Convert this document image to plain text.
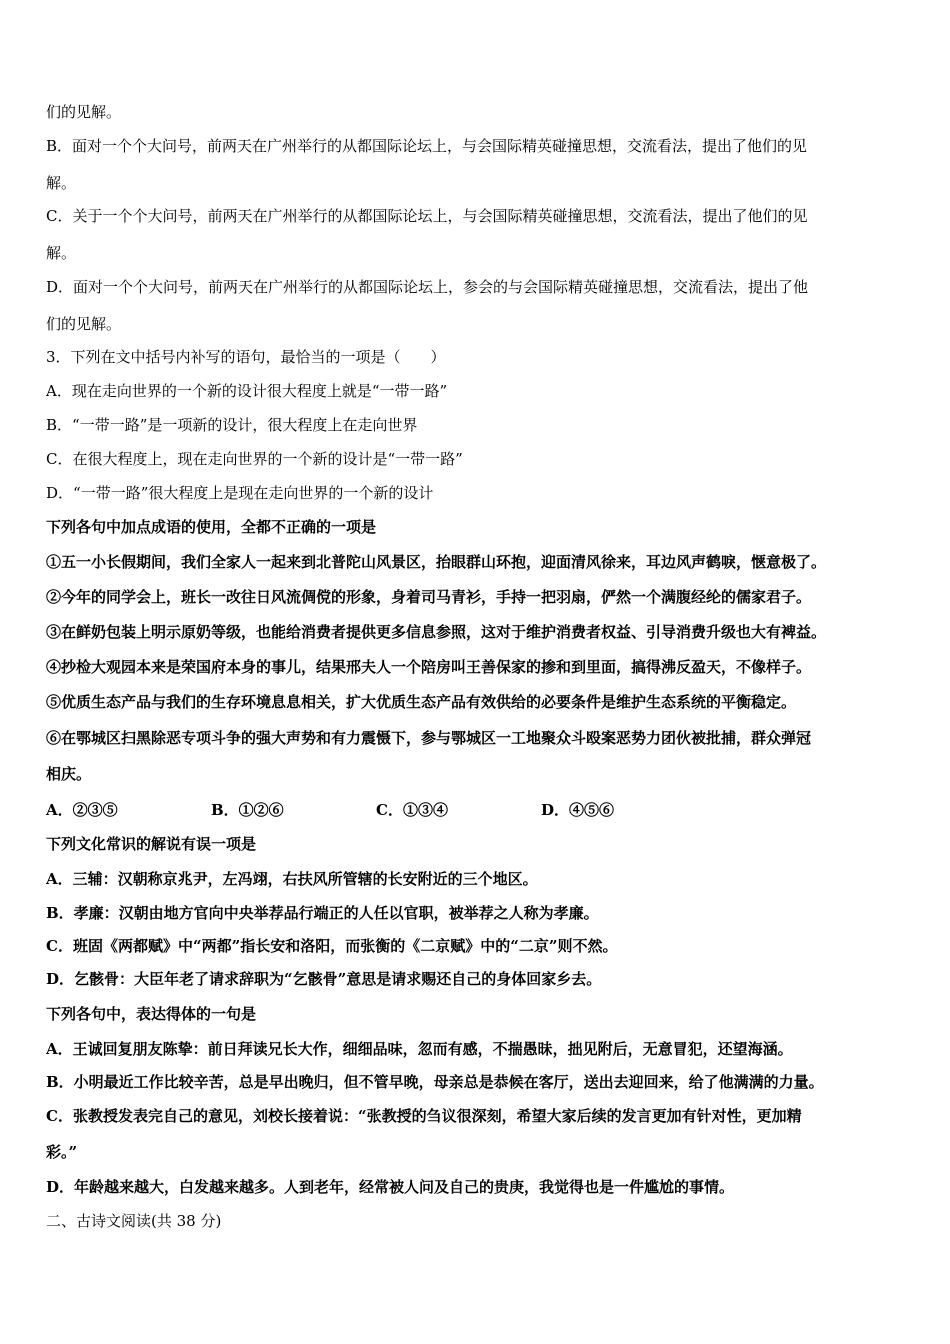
们的见解。
B．面对一个个大问号，前两天在广州举行的从都国际论坛上，与会国际精英碰撞思想，交流看法，提出了他们的见
解。
C．关于一个个大问号，前两天在广州举行的从都国际论坛上，与会国际精英碰撞思想，交流看法，提出了他们的见
解。
D．面对一个个大问号，前两天在广州举行的从都国际论坛上，参会的与会国际精英碰撞思想，交流看法，提出了他
们的见解。
3．下列在文中括号内补写的语句，最恰当的一项是（　　）
A．现在走向世界的一个新的设计很大程度上就是“一带一路”
B．“一带一路”是一项新的设计，很大程度上在走向世界
C．在很大程度上，现在走向世界的一个新的设计是“一带一路”
D．“一带一路”很大程度上是现在走向世界的一个新的设计
下列各句中加点成语的使用，全都不正确的一项是
①五一小长假期间，我们全家人一起来到北普陀山风景区，抬眼群山环抱，迎面清风徐来，耳边风声鹤唳，惬意极了。
②今年的同学会上，班长一改往日风流倜傥的形象，身着司马青衫，手持一把羽扇，俨然一个满腹经纶的儒家君子。
③在鲜奶包装上明示原奶等级，也能给消费者提供更多信息参照，这对于维护消费者权益、引导消费升级也大有裨益。
④抄检大观园本来是荣国府本身的事儿，结果邢夫人一个陪房叫王善保家的掺和到里面，搞得沸反盈天，不像样子。
⑤优质生态产品与我们的生存环境息息相关，扩大优质生态产品有效供给的必要条件是维护生态系统的平衡稳定。
⑥在鄂城区扫黑除恶专项斗争的强大声势和有力震慑下，参与鄂城区一工地聚众斗殴案恶势力团伙被批捕，群众弹冠
相庆。
A．②③⑤	B．①②⑥	C．①③④	D．④⑤⑥
下列文化常识的解说有误一项是
A．三辅：汉朝称京兆尹，左冯翊，右扶风所管辖的长安附近的三个地区。
B．孝廉：汉朝由地方官向中央举荐品行端正的人任以官职，被举荐之人称为孝廉。
C．班固《两都赋》中“两都”指长安和洛阳，而张衡的《二京赋》中的“二京”则不然。
D．乞骸骨：大臣年老了请求辞职为“乞骸骨”意思是请求赐还自己的身体回家乡去。
下列各句中，表达得体的一句是
A．王诚回复朋友陈挚：前日拜读兄长大作，细细品味，忽而有感，不揣愚昧，拙见附后，无意冒犯，还望海涵。
B．小明最近工作比较辛苦，总是早出晚归，但不管早晚，母亲总是恭候在客厅，送出去迎回来，给了他满满的力量。
C．张教授发表完自己的意见，刘校长接着说：“张教授的刍议很深刻，希望大家后续的发言更加有针对性，更加精
彩。”
D．年龄越来越大，白发越来越多。人到老年，经常被人问及自己的贵庚，我觉得也是一件尴尬的事情。
二、古诗文阅读(共 38 分)
